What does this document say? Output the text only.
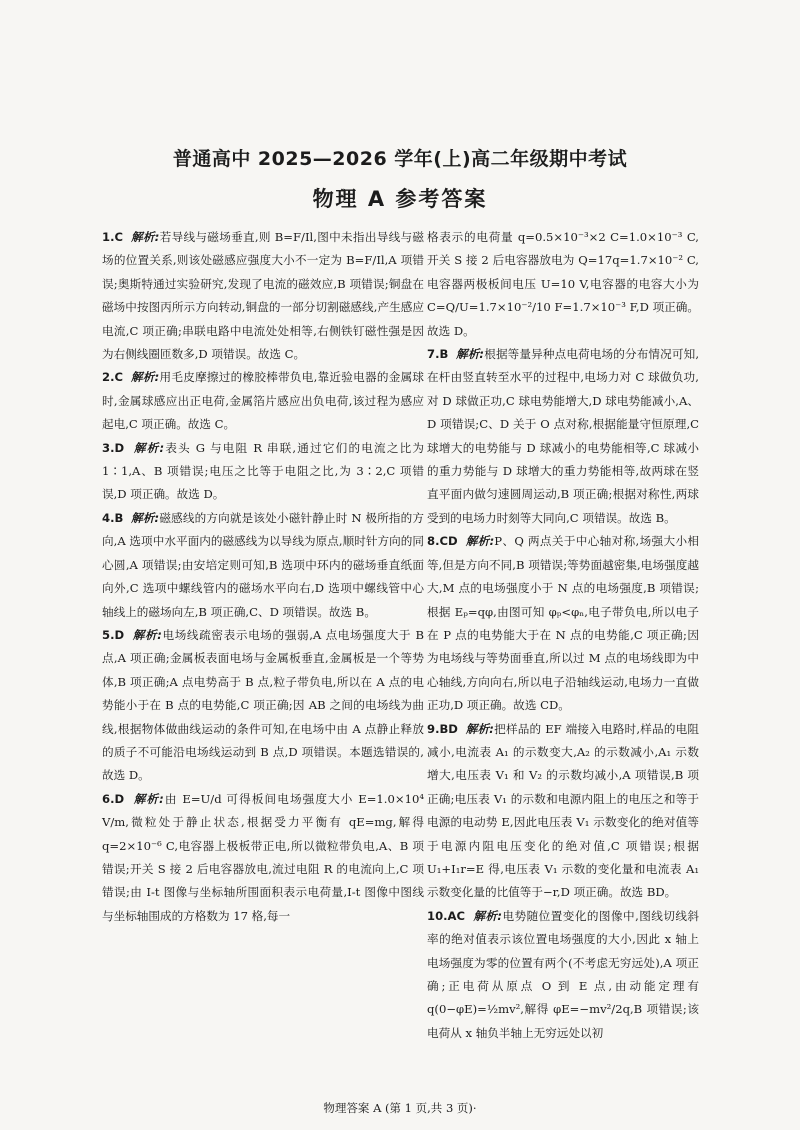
普通高中 2025—2026 学年(上)高二年级期中考试
物理 A 参考答案

1.C 解析:若导线与磁场垂直,则 B=F/Il,图中未指出导线与磁场的位置关系,则该处磁感应强度大小不一定为 B=F/Il,A 项错误;奥斯特通过实验研究,发现了电流的磁效应,B 项错误;铜盘在磁场中按图丙所示方向转动,铜盘的一部分切割磁感线,产生感应电流,C 项正确;串联电路中电流处处相等,右侧铁钉磁性强是因为右侧线圈匝数多,D 项错误。故选 C。

2.C 解析:用毛皮摩擦过的橡胶棒带负电,靠近验电器的金属球时,金属球感应出正电荷,金属箔片感应出负电荷,该过程为感应起电,C 项正确。故选 C。

3.D 解析:表头 G 与电阻 R 串联,通过它们的电流之比为 1∶1,A、B 项错误;电压之比等于电阻之比,为 3∶2,C 项错误,D 项正确。故选 D。

4.B 解析:磁感线的方向就是该处小磁针静止时 N 极所指的方向,A 选项中水平面内的磁感线为以导线为原点,顺时针方向的同心圆,A 项错误;由安培定则可知,B 选项中环内的磁场垂直纸面向外,C 选项中螺线管内的磁场水平向右,D 选项中螺线管中心轴线上的磁场向左,B 项正确,C、D 项错误。故选 B。

5.D 解析:电场线疏密表示电场的强弱,A 点电场强度大于 B 点,A 项正确;金属板表面电场与金属板垂直,金属板是一个等势体,B 项正确;A 点电势高于 B 点,粒子带负电,所以在 A 点的电势能小于在 B 点的电势能,C 项正确;因 AB 之间的电场线为曲线,根据物体做曲线运动的条件可知,在电场中由 A 点静止释放的质子不可能沿电场线运动到 B 点,D 项错误。本题选错误的,故选 D。

6.D 解析:由 E=U/d 可得板间电场强度大小 E=1.0×10⁴ V/m,微粒处于静止状态,根据受力平衡有 qE=mg,解得 q=2×10⁻⁶ C,电容器上极板带正电,所以微粒带负电,A、B 项错误;开关 S 接 2 后电容器放电,流过电阻 R 的电流向上,C 项错误;由 I-t 图像与坐标轴所围面积表示电荷量,I-t 图像中图线与坐标轴围成的方格数为 17 格,每一

格表示的电荷量 q=0.5×10⁻³×2 C=1.0×10⁻³ C,开关 S 接 2 后电容器放电为 Q=17q=1.7×10⁻² C,电容器两极板间电压 U=10 V,电容器的电容大小为 C=Q/U=1.7×10⁻²/10 F=1.7×10⁻³ F,D 项正确。故选 D。

7.B 解析:根据等量异种点电荷电场的分布情况可知,在杆由竖直转至水平的过程中,电场力对 C 球做负功,对 D 球做正功,C 球电势能增大,D 球电势能减小,A、D 项错误;C、D 关于 O 点对称,根据能量守恒原理,C 球增大的电势能与 D 球减小的电势能相等,C 球减小的重力势能与 D 球增大的重力势能相等,故两球在竖直平面内做匀速圆周运动,B 项正确;根据对称性,两球受到的电场力时刻等大同向,C 项错误。故选 B。

8.CD 解析:P、Q 两点关于中心轴对称,场强大小相等,但是方向不同,B 项错误;等势面越密集,电场强度越大,M 点的电场强度小于 N 点的电场强度,B 项错误;根据 Eₚ=qφ,由图可知 φₚ<φₙ,电子带负电,所以电子在 P 点的电势能大于在 N 点的电势能,C 项正确;因为电场线与等势面垂直,所以过 M 点的电场线即为中心轴线,方向向右,所以电子沿轴线运动,电场力一直做正功,D 项正确。故选 CD。

9.BD 解析:把样品的 EF 端接入电路时,样品的电阻减小,电流表 A₁ 的示数变大,A₂ 的示数减小,A₁ 示数增大,电压表 V₁ 和 V₂ 的示数均减小,A 项错误,B 项正确;电压表 V₁ 的示数和电源内阻上的电压之和等于电源的电动势 E,因此电压表 V₁ 示数变化的绝对值等于电源内阻电压变化的绝对值,C 项错误;根据 U₁+I₁r=E 得,电压表 V₁ 示数的变化量和电流表 A₁ 示数变化量的比值等于−r,D 项正确。故选 BD。

10.AC 解析:电势随位置变化的图像中,图线切线斜率的绝对值表示该位置电场强度的大小,因此 x 轴上电场强度为零的位置有两个(不考虑无穷远处),A 项正确;正电荷从原点 O 到 E 点,由动能定理有 q(0−φE)=½mv²,解得 φE=−mv²/2q,B 项错误;该电荷从 x 轴负半轴上无穷远处以初

物理答案 A (第 1 页,共 3 页)·
